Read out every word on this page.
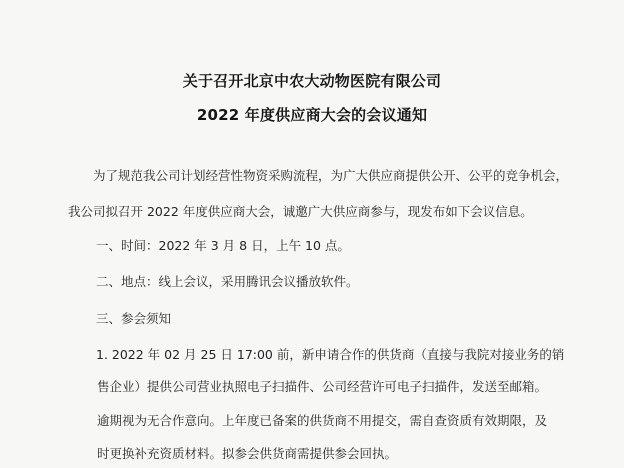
关于召开北京中农大动物医院有限公司
2022 年度供应商大会的会议通知
为了规范我公司计划经营性物资采购流程，为广大供应商提供公开、公平的竞争机会，
我公司拟召开 2022 年度供应商大会，诚邀广大供应商参与，现发布如下会议信息。
一、时间：2022 年 3 月 8 日，上午 10 点。
二、地点：线上会议，采用腾讯会议播放软件。
三、参会须知
1. 2022 年 02 月 25 日 17:00 前，新申请合作的供货商（直接与我院对接业务的销
售企业）提供公司营业执照电子扫描件、公司经营许可电子扫描件，发送至邮箱。
逾期视为无合作意向。上年度已备案的供货商不用提交，需自查资质有效期限，及
时更换补充资质材料。拟参会供货商需提供参会回执。
